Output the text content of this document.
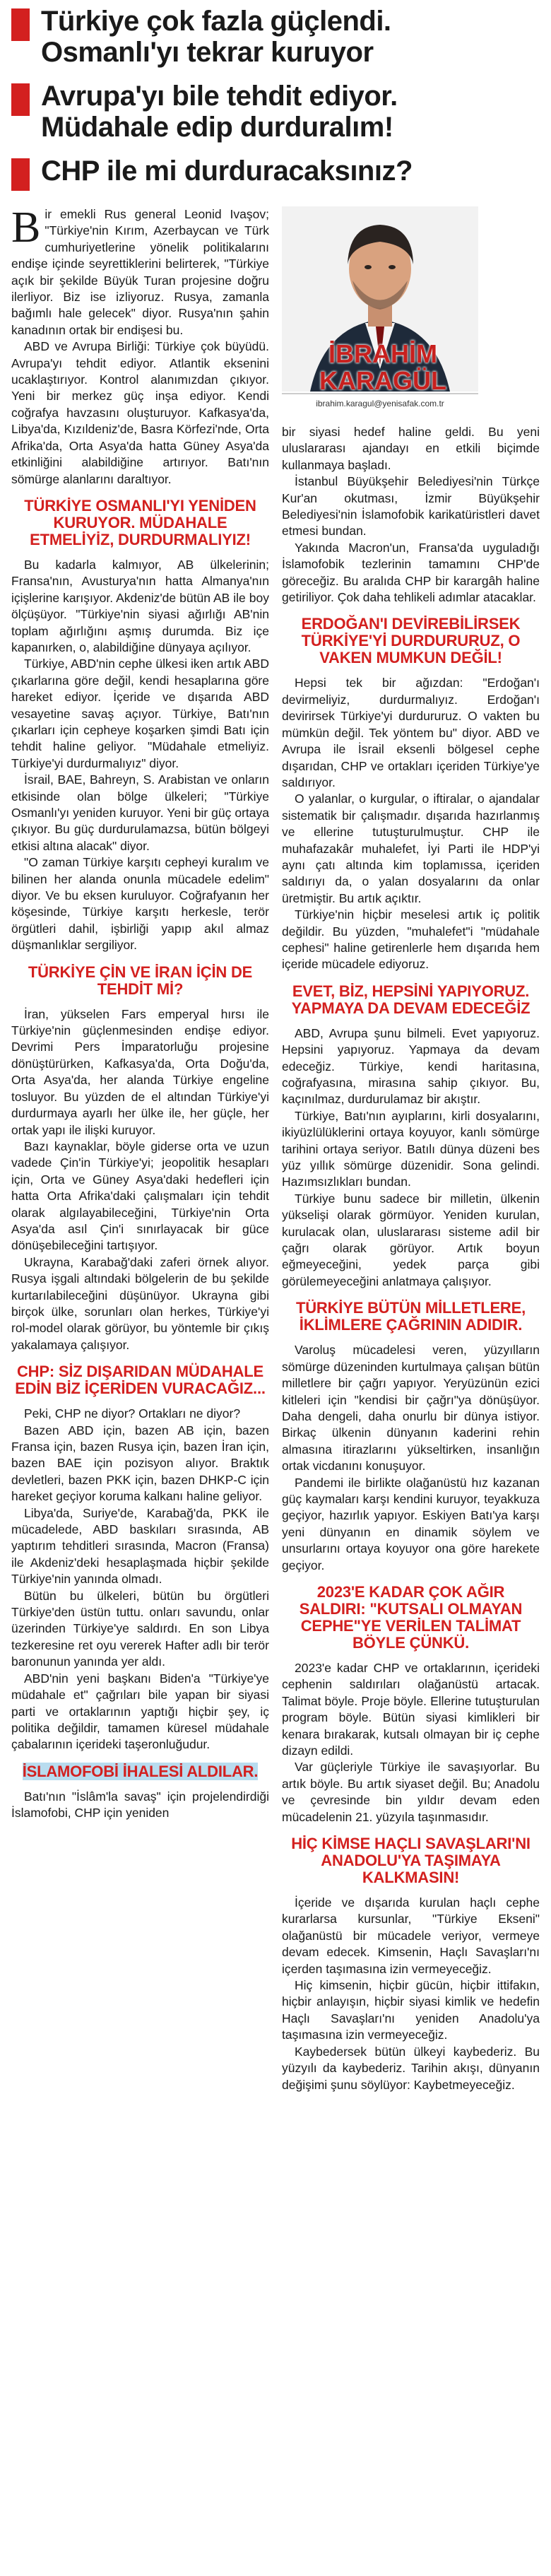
Türkiye çok fazla güçlendi.
Osmanlı'yı tekrar kuruyor
Avrupa'yı bile tehdit ediyor.
Müdahale edip durduralım!
CHP ile mi durduracaksınız?
B ir emekli Rus general Leonid Ivaşov; "Türkiye'nin Kırım, Azerbaycan ve Türk cumhuriyetlerine yönelik politikalarını endişe içinde seyrettiklerini belirterek, "Türkiye açık bir şekilde Büyük Turan projesine doğru ilerliyor. Biz ise izliyoruz. Rusya, zamanla bağımlı hale gelecek" diyor. Rusya'nın şahin kanadının ortak bir endişesi bu.

ABD ve Avrupa Birliği: Türkiye çok büyüdü. Avrupa'yı tehdit ediyor. Atlantik eksenini ucaklaştırıyor. Kontrol alanımızdan çıkıyor. Yeni bir merkez güç inşa ediyor. Kendi coğrafya havzasını oluşturuyor. Kafkasya'da, Libya'da, Kızıldeniz'de, Basra Körfezi'nde, Orta Afrika'da, Orta Asya'da hatta Güney Asya'da etkinliğini alabildiğine artırıyor. Batı'nın sömürge alanlarını daraltıyor.

TÜRKİYE OSMANLI'YI YENİDEN KURUYOR. MÜDAHALE ETMELİYİZ, DURDURMALIYIZ!

Bu kadarla kalmıyor, AB ülkelerinin; Fransa'nın, Avusturya'nın hatta Almanya'nın içişlerine karışıyor. Akdeniz'de bütün AB ile boy ölçüşüyor. "Türkiye'nin siyasi ağırlığı AB'nin toplam ağırlığını aşmış durumda. Biz içe kapanırken, o, alabildiğine dünyaya açılıyor.

Türkiye, ABD'nin cephe ülkesi iken artık ABD çıkarlarına göre değil, kendi hesaplarına göre hareket ediyor. İçeride ve dışarıda ABD vesayetine savaş açıyor. Türkiye, Batı'nın çıkarları için cepheye koşarken şimdi Batı için tehdit haline geliyor. "Müdahale etmeliyiz. Türkiye'yi durdurmalıyız" diyor.

İsrail, BAE, Bahreyn, S. Arabistan ve onların etkisinde olan bölge ülkeleri; "Türkiye Osmanlı'yı yeniden kuruyor. Yeni bir güç ortaya çıkıyor. Bu güç durdurulamazsa, bütün bölgeyi etkisi altına alacak" diyor.

"O zaman Türkiye karşıtı cepheyi kuralım ve bilinen her alanda onunla mücadele edelim" diyor. Ve bu eksen kuruluyor. Coğrafyanın her köşesinde, Türkiye karşıtı herkesle, terör örgütleri dahil, işbirliği yapıp akıl almaz düşmanlıklar sergiliyor.

TÜRKİYE ÇİN VE İRAN İÇİN DE TEHDİT Mİ?

İran, yükselen Fars emperyal hırsı ile Türkiye'nin güçlenmesinden endişe ediyor. Devrimi Pers İmparatorluğu projesine dönüştürürken, Kafkasya'da, Orta Doğu'da, Orta Asya'da, her alanda Türkiye engeline tosluyor. Bu yüzden de el altından Türkiye'yi durdurmaya ayarlı her ülke ile, her güçle, her ortak yapı ile ilişki kuruyor.

Bazı kaynaklar, böyle giderse orta ve uzun vadede Çin'in Türkiye'yi; jeopolitik hesapları için, Orta ve Güney Asya'daki hedefleri için hatta Orta Afrika'daki çalışmaları için tehdit olarak algılayabileceğini, Türkiye'nin Orta Asya'da asıl Çin'i sınırlayacak bir güce dönüşebileceğini tartışıyor.

Ukrayna, Karabağ'daki zaferi örnek alıyor. Rusya işgali altındaki bölgelerin de bu şekilde kurtarılabileceğini düşünüyor. Ukrayna gibi birçok ülke, sorunları olan herkes, Türkiye'yi rol-model olarak görüyor, bu yöntemle bir çıkış yakalamaya çalışıyor.

CHP: SİZ DIŞARIDAN MÜDAHALE EDİN BİZ İÇERİDEN VURACAĞIZ...

Peki, CHP ne diyor? Ortakları ne diyor?

Bazen ABD için, bazen AB için, bazen Fransa için, bazen Rusya için, bazen İran için, bazen BAE için pozisyon alıyor. Braktık devletleri, bazen PKK için, bazen DHKP-C için hareket geçiyor koruma kalkanı haline geliyor.

Libya'da, Suriye'de, Karabağ'da, PKK ile mücadelede, ABD baskıları sırasında, AB yaptırım tehditleri sırasında, Macron (Fransa) ile Akdeniz'deki hesaplaşmada hiçbir şekilde Türkiye'nin yanında olmadı.

Bütün bu ülkeleri, bütün bu örgütleri Türkiye'den üstün tuttu. onları savundu, onlar üzerinden Türkiye'ye saldırdı. En son Libya tezkeresine ret oyu vererek Hafter adlı bir terör baronunun yanında yer aldı.

ABD'nin yeni başkanı Biden'a "Türkiye'ye müdahale et" çağrıları bile yapan bir siyasi parti ve ortaklarının yaptığı hiçbir şey, iç politika değildir, tamamen küresel müdahale çabalarının içerideki taşeronluğudur.

İSLAMOFOBİ İHALESİ ALDILAR.

Batı'nın "İslâm'la savaş" için projelendirdiği İslamofobi, CHP için yeniden

İBRAHİM
KARAGÜL
ibrahim.karagul@yenisafak.com.tr

bir siyasi hedef haline geldi. Bu yeni uluslararası ajandayı en etkili biçimde kullanmaya başladı.

İstanbul Büyükşehir Belediyesi'nin Türkçe Kur'an okutması, İzmir Büyükşehir Belediyesi'nin İslamofobik karikatüristleri davet etmesi bundan.

Yakında Macron'un, Fransa'da uyguladığı İslamofobik tezlerinin tamamını CHP'de göreceğiz. Bu aralıda CHP bir karargâh haline getiriliyor. Çok daha tehlikeli adımlar atacaklar.

ERDOĞAN'I DEVİREBİLİRSEK TÜRKİYE'Yİ DURDURURUZ, O VAKEN MUMKUN DEĞİL!

Hepsi tek bir ağızdan: "Erdoğan'ı devirmeliyiz, durdurmalıyız. Erdoğan'ı devirirsek Türkiye'yi durdururuz. O vakten bu mümkün değil. Tek yöntem bu" diyor. ABD ve Avrupa ile İsrail eksenli bölgesel cephe dışarıdan, CHP ve ortakları içeriden Türkiye'ye saldırıyor.

O yalanlar, o kurgular, o iftiralar, o ajandalar sistematik bir çalışmadır. dışarıda hazırlanmış ve ellerine tutuşturulmuştur. CHP ile muhafazakâr muhalefet, İyi Parti ile HDP'yi aynı çatı altında kim toplamıssa, içeriden saldırıyı da, o yalan dosyalarını da onlar üretmiştir. Bu artık açıktır.

Türkiye'nin hiçbir meselesi artık iç politik değildir. Bu yüzden, "muhalefet"i "müdahale cephesi" haline getirenlerle hem dışarıda hem içeride mücadele ediyoruz.

EVET, BİZ, HEPSİNİ YAPIYORUZ. YAPMAYA DA DEVAM EDECEĞİZ

ABD, Avrupa şunu bilmeli. Evet yapıyoruz. Hepsini yapıyoruz. Yapmaya da devam edeceğiz. Türkiye, kendi haritasına, coğrafyasına, mirasına sahip çıkıyor. Bu, kaçınılmaz, durdurulamaz bir akıştır.

Türkiye, Batı'nın ayıplarını, kirli dosyalarını, ikiyüzlülüklerini ortaya koyuyor, kanlı sömürge tarihini ortaya seriyor. Batılı dünya düzeni bes yüz yıllık sömürge düzenidir. Sona gelindi. Hazımsızlıkları bundan.

Türkiye bunu sadece bir milletin, ülkenin yükselişi olarak görmüyor. Yeniden kurulan, kurulacak olan, uluslararası sisteme adil bir çağrı olarak görüyor. Artık boyun eğmeyeceğini, yedek parça gibi görülemeyeceğini anlatmaya çalışıyor.

TÜRKİYE BÜTÜN MİLLETLERE, İKLİMLERE ÇAĞRININ ADIDIR.

Varoluş mücadelesi veren, yüzyılların sömürge düzeninden kurtulmaya çalışan bütün milletlere bir çağrı yapıyor. Yeryüzünün ezici kitleleri için "kendisi bir çağrı"ya dönüşüyor. Daha dengeli, daha onurlu bir dünya istiyor. Birkaç ülkenin dünyanın kaderini rehin almasına itirazlarını yükseltirken, insanlığın ortak vicdanını konuşuyor.

Pandemi ile birlikte olağanüstü hız kazanan güç kaymaları karşı kendini kuruyor, teyakkuza geçiyor, hazırlık yapıyor. Eskiyen Batı'ya karşı yeni dünyanın en dinamik söylem ve unsurlarını ortaya koyuyor ona göre harekete geçiyor.

2023'E KADAR ÇOK AĞIR SALDIRI: "KUTSALI OLMAYAN CEPHE"YE VERİLEN TALİMAT BÖYLE ÇÜNKÜ.

2023'e kadar CHP ve ortaklarının, içerideki cephenin saldırıları olağanüstü artacak. Talimat böyle. Proje böyle. Ellerine tutuşturulan program böyle. Bütün siyasi kimlikleri bir kenara bırakarak, kutsalı olmayan bir iç cephe dizayn edildi.

Var güçleriyle Türkiye ile savaşıyorlar. Bu artık böyle. Bu artık siyaset değil. Bu; Anadolu ve çevresinde bin yıldır devam eden mücadelenin 21. yüzyıla taşınmasıdır.

HİÇ KİMSE HAÇLI SAVAŞLARI'NI ANADOLU'YA TAŞIMAYA KALKMASIN!

İçeride ve dışarıda kurulan haçlı cephe kurarlarsa kursunlar, "Türkiye Ekseni" olağanüstü bir mücadele veriyor, vermeye devam edecek. Kimsenin, Haçlı Savaşları'nı içerden taşımasına izin vermeyeceğiz.

Hiç kimsenin, hiçbir gücün, hiçbir ittifakın, hiçbir anlayışın, hiçbir siyasi kimlik ve hedefin Haçlı Savaşları'nı yeniden Anadolu'ya taşımasına izin vermeyeceğiz.

Kaybedersek bütün ülkeyi kaybederiz. Bu yüzyılı da kaybederiz. Tarihin akışı, dünyanın değişimi şunu söylüyor: Kaybetmeyeceğiz.
